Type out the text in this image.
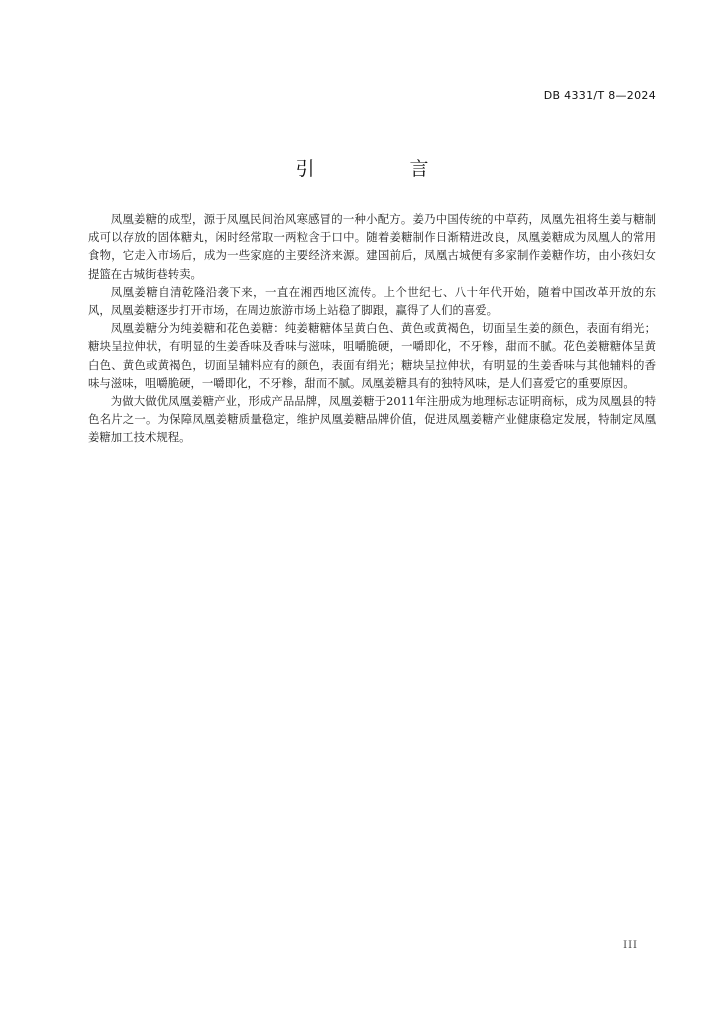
DB 4331/T 8—2024
引　言

凤凰姜糖的成型，源于凤凰民间治风寒感冒的一种小配方。姜乃中国传统的中草药，凤凰先祖将生姜与糖制成可以存放的固体糖丸，闲时经常取一两粒含于口中。随着姜糖制作日渐精进改良，凤凰姜糖成为凤凰人的常用食物，它走入市场后，成为一些家庭的主要经济来源。建国前后，凤凰古城便有多家制作姜糖作坊，由小孩妇女提篮在古城街巷转卖。

凤凰姜糖自清乾隆沿袭下来，一直在湘西地区流传。上个世纪七、八十年代开始，随着中国改革开放的东风，凤凰姜糖逐步打开市场，在周边旅游市场上站稳了脚跟，赢得了人们的喜爱。

凤凰姜糖分为纯姜糖和花色姜糖：纯姜糖糖体呈黄白色、黄色或黄褐色，切面呈生姜的颜色，表面有绢光；糖块呈拉伸状，有明显的生姜香味及香味与滋味，咀嚼脆硬，一嚼即化，不牙糁，甜而不腻。花色姜糖糖体呈黄白色、黄色或黄褐色，切面呈辅料应有的颜色，表面有绢光；糖块呈拉伸状，有明显的生姜香味与其他辅料的香味与滋味，咀嚼脆硬，一嚼即化，不牙糁，甜而不腻。凤凰姜糖具有的独特风味，是人们喜爱它的重要原因。

为做大做优凤凰姜糖产业，形成产品品牌，凤凰姜糖于2011年注册成为地理标志证明商标，成为凤凰县的特色名片之一。为保障凤凰姜糖质量稳定，维护凤凰姜糖品牌价值，促进凤凰姜糖产业健康稳定发展，特制定凤凰姜糖加工技术规程。

III
